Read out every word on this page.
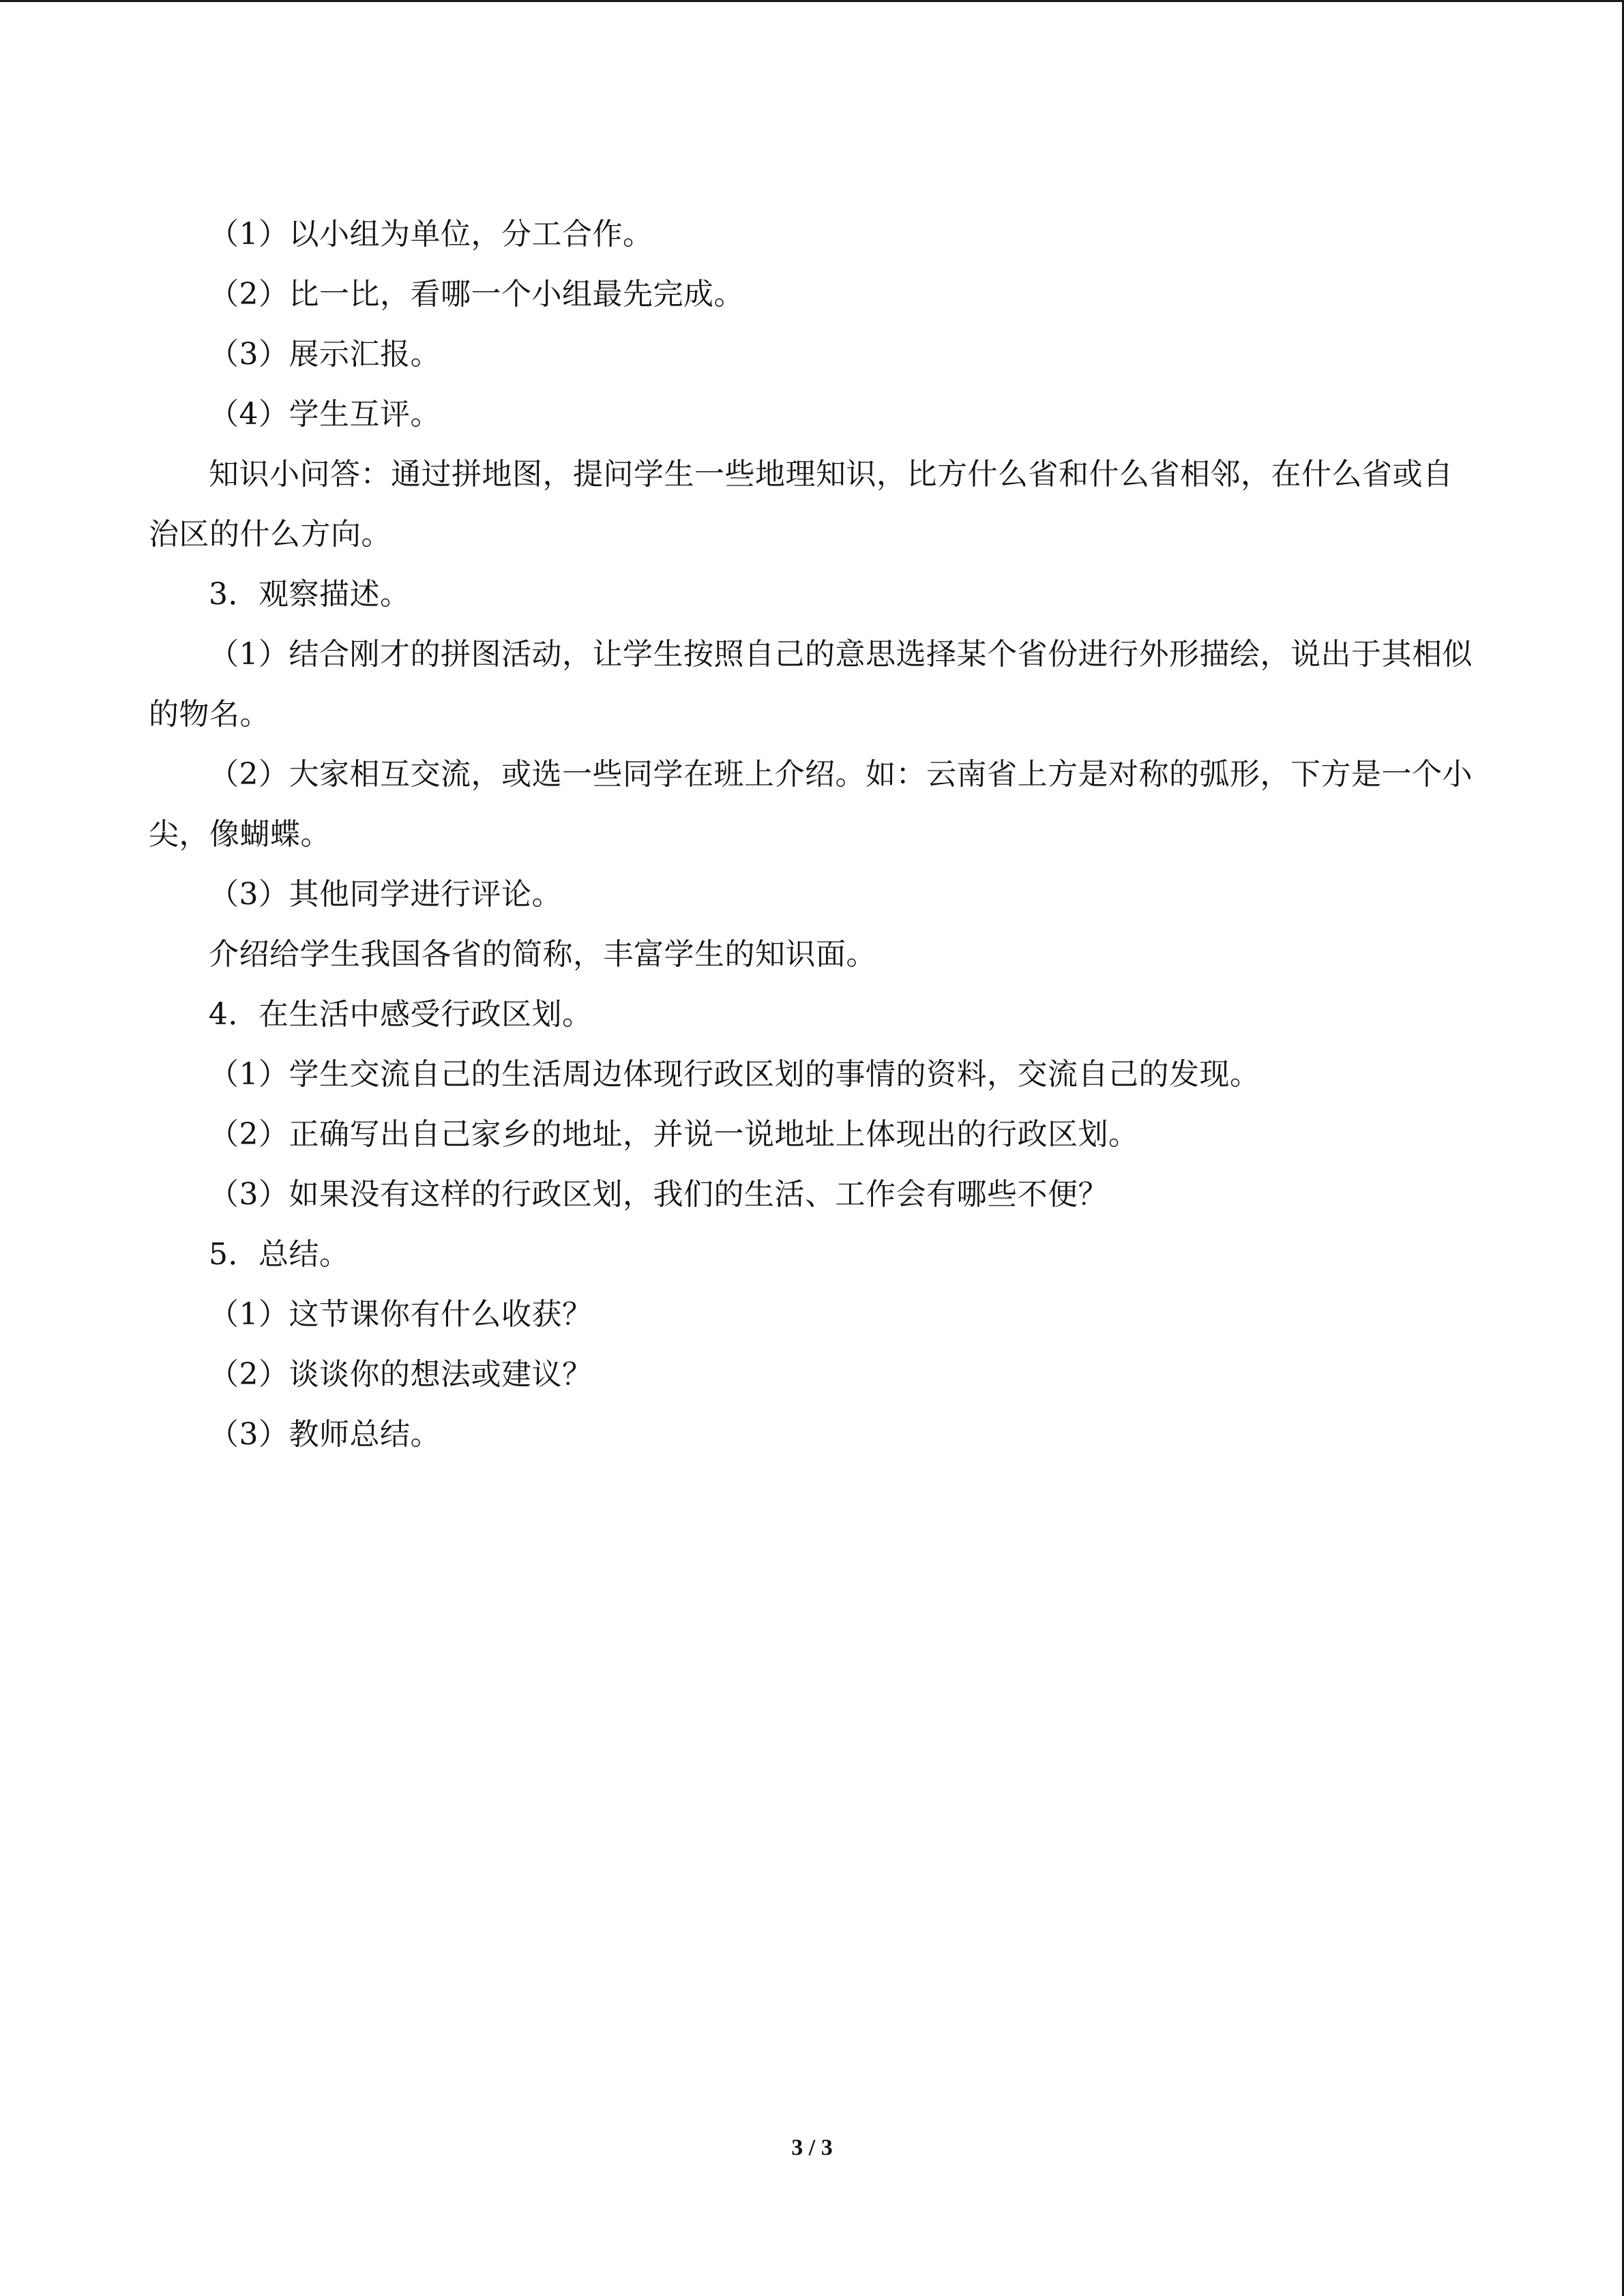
（1）以小组为单位，分工合作。

（2）比一比，看哪一个小组最先完成。

（3）展示汇报。

（4）学生互评。

知识小问答：通过拼地图，提问学生一些地理知识，比方什么省和什么省相邻，在什么省或自治区的什么方向。

3．观察描述。

（1）结合刚才的拼图活动，让学生按照自己的意思选择某个省份进行外形描绘，说出于其相似的物名。

（2）大家相互交流，或选一些同学在班上介绍。如：云南省上方是对称的弧形，下方是一个小尖，像蝴蝶。

（3）其他同学进行评论。

介绍给学生我国各省的简称，丰富学生的知识面。

4．在生活中感受行政区划。

（1）学生交流自己的生活周边体现行政区划的事情的资料，交流自己的发现。

（2）正确写出自己家乡的地址，并说一说地址上体现出的行政区划。

（3）如果没有这样的行政区划，我们的生活、工作会有哪些不便？

5．总结。

（1）这节课你有什么收获？

（2）谈谈你的想法或建议？

（3）教师总结。

3 / 3
